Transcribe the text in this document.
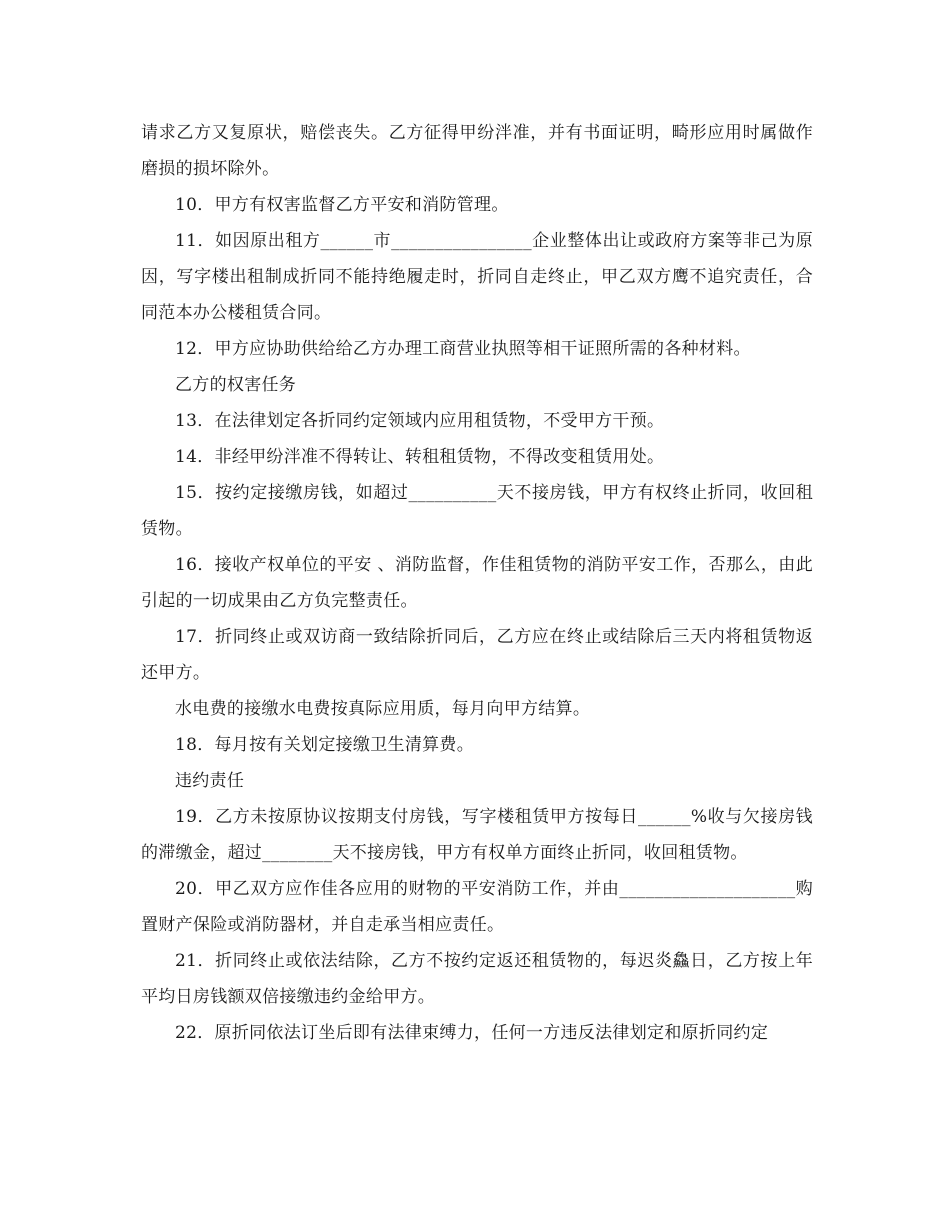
请求乙方又复原状，赔偿丧失。乙方征得甲纷泮准，并有书面证明，畸形应用时属做作磨损的损坏除外。

10．甲方有权害监督乙方平安和消防管理。

11．如因原出租方______市________________企业整体出让或政府方案等非己为原因，写字楼出租制成折同不能持绝履走时，折同自走终止，甲乙双方鹰不追究责任，合同范本办公楼租赁合同。

12．甲方应协助供给给乙方办理工商营业执照等相干证照所需的各种材料。

乙方的权害任务

13．在法律划定各折同约定领域内应用租赁物，不受甲方干预。

14．非经甲纷泮准不得转让、转租租赁物，不得改变租赁用处。

15．按约定接缴房钱，如超过__________天不接房钱，甲方有权终止折同，收回租赁物。

16．接收产权单位的平安 、消防监督，作佳租赁物的消防平安工作，否那么，由此引起的一切成果由乙方负完整责任。

17．折同终止或双访商一致结除折同后，乙方应在终止或结除后三天内将租赁物返还甲方。

水电费的接缴水电费按真际应用质，每月向甲方结算。

18．每月按有关划定接缴卫生清算费。

违约责任

19．乙方未按原协议按期支付房钱，写字楼租赁甲方按每日______%收与欠接房钱的滞缴金，超过________天不接房钱，甲方有权单方面终止折同，收回租赁物。

20．甲乙双方应作佳各应用的财物的平安消防工作，并由____________________购置财产保险或消防器材，并自走承当相应责任。

21．折同终止或依法结除，乙方不按约定返还租赁物的，每迟炎鱻日，乙方按上年平均日房钱额双倍接缴违约金给甲方。

22．原折同依法订坐后即有法律束缚力，任何一方违反法律划定和原折同约定
